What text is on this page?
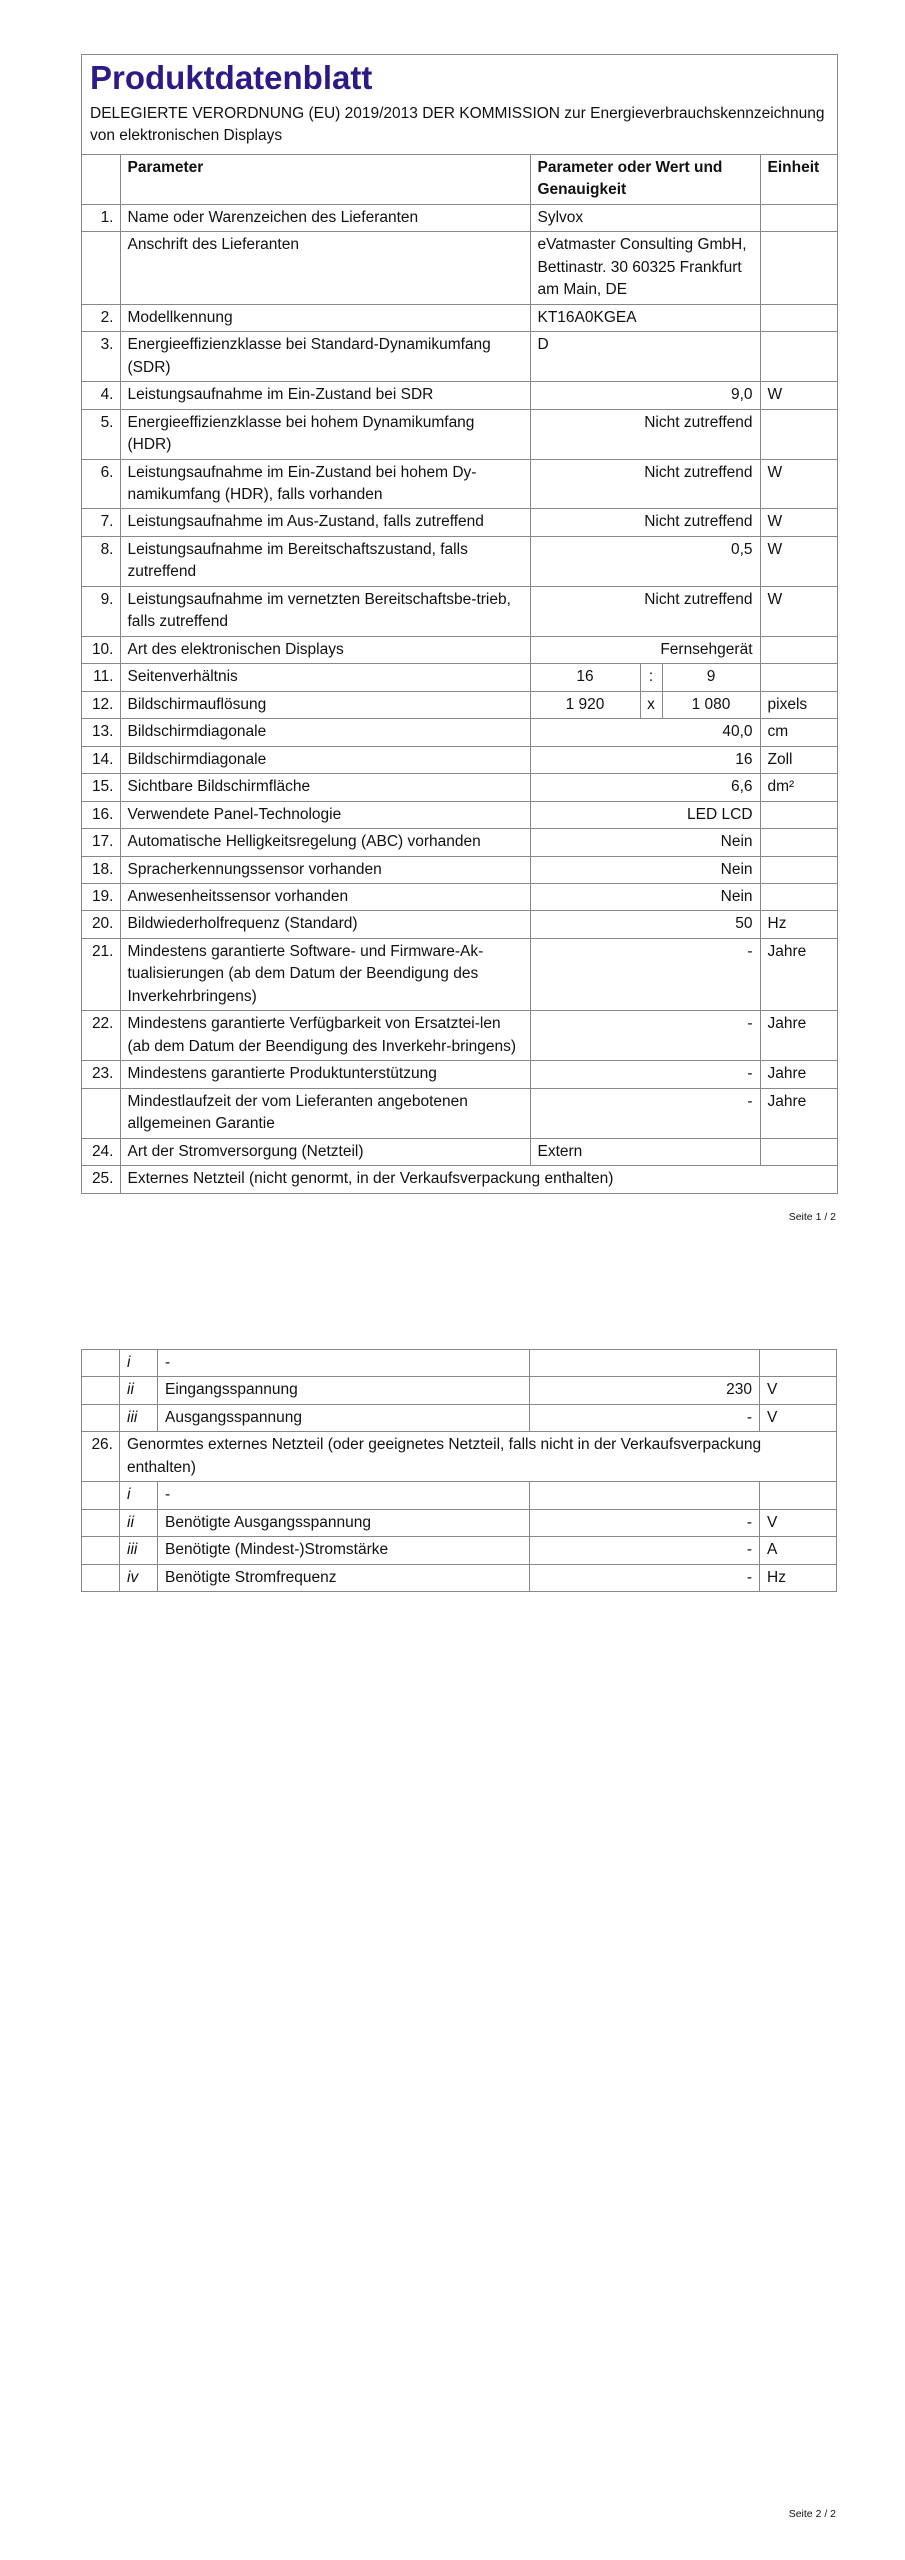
Produktdatenblatt
DELEGIERTE VERORDNUNG (EU) 2019/2013 DER KOMMISSION zur Energieverbrauchskennzeichnung von elektronischen Displays
	Parameter	Parameter oder Wert und Genauigkeit			Einheit
1.	Name oder Warenzeichen des Lieferanten	Sylvox			
	Anschrift des Lieferanten	eVatmaster Consulting GmbH, Bettinastr. 30 60325 Frankfurt am Main, DE			
2.	Modellkennung	KT16A0KGEA			
3.	Energieeffizienzklasse bei Standard-Dynamikumfang (SDR)	D			
4.	Leistungsaufnahme im Ein-Zustand bei SDR	9,0			W
5.	Energieeffizienzklasse bei hohem Dynamikumfang (HDR)	Nicht zutreffend			
6.	Leistungsaufnahme im Ein-Zustand bei hohem Dy-namikumfang (HDR), falls vorhanden	Nicht zutreffend			W
7.	Leistungsaufnahme im Aus-Zustand, falls zutreffend	Nicht zutreffend			W
8.	Leistungsaufnahme im Bereitschaftszustand, falls zutreffend	0,5			W
9.	Leistungsaufnahme im vernetzten Bereitschaftsbe-trieb, falls zutreffend	Nicht zutreffend			W
10.	Art des elektronischen Displays	Fernsehgerät			
11.	Seitenverhältnis	16	:	9	
12.	Bildschirmauflösung	1 920	x	1 080	pixels
13.	Bildschirmdiagonale	40,0			cm
14.	Bildschirmdiagonale	16			Zoll
15.	Sichtbare Bildschirmfläche	6,6			dm²
16.	Verwendete Panel-Technologie	LED LCD			
17.	Automatische Helligkeitsregelung (ABC) vorhanden	Nein			
18.	Spracherkennungssensor vorhanden	Nein			
19.	Anwesenheitssensor vorhanden	Nein			
20.	Bildwiederholfrequenz (Standard)	50			Hz
21.	Mindestens garantierte Software- und Firmware-Ak-tualisierungen (ab dem Datum der Beendigung des Inverkehrbringens)	-			Jahre
22.	Mindestens garantierte Verfügbarkeit von Ersatztei-len (ab dem Datum der Beendigung des Inverkehr-bringens)	-			Jahre
23.	Mindestens garantierte Produktunterstützung	-			Jahre
	Mindestlaufzeit der vom Lieferanten angebotenen allgemeinen Garantie	-			Jahre
24.	Art der Stromversorgung (Netzteil)	Extern			
25.	Externes Netzteil (nicht genormt, in der Verkaufsverpackung enthalten)				
Seite 1 / 2
	i	-		
	ii	Eingangsspannung	230	V
	iii	Ausgangsspannung	-	V
26.	Genormtes externes Netzteil (oder geeignetes Netzteil, falls nicht in der Verkaufsverpackung enthalten)			
	i	-		
	ii	Benötigte Ausgangsspannung	-	V
	iii	Benötigte (Mindest-)Stromstärke	-	A
	iv	Benötigte Stromfrequenz	-	Hz
Seite 2 / 2
